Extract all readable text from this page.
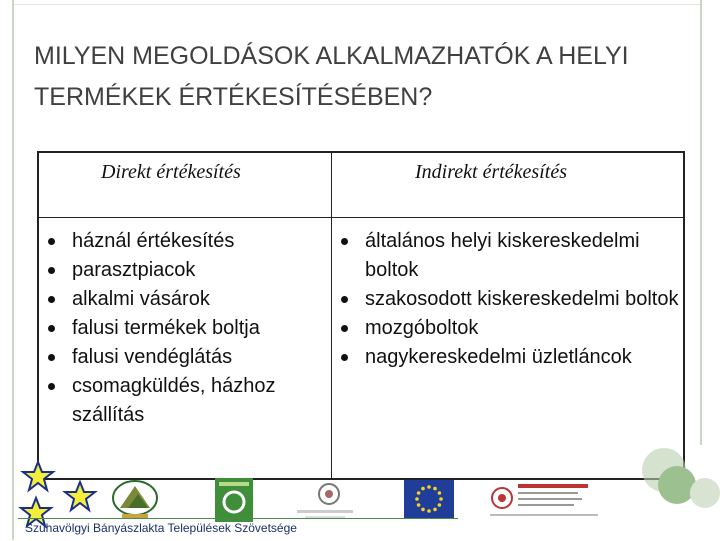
MILYEN MEGOLDÁSOK ALKALMAZHATÓK A HELYI
TERMÉKEK ÉRTÉKESÍTÉSÉBEN?
Direkt értékesítés	Indirekt értékesítés
háznál értékesítés
parasztpiacok
alkalmi vásárok
falusi termékek boltja
falusi vendéglátás
csomagküldés, házhoz szállítás
általános helyi kiskereskedelmi boltok
szakosodott kiskereskedelmi boltok
mozgóboltok
nagykereskedelmi üzletláncok
Szuhavölgyi Bányászlakta Települések Szövetsége
